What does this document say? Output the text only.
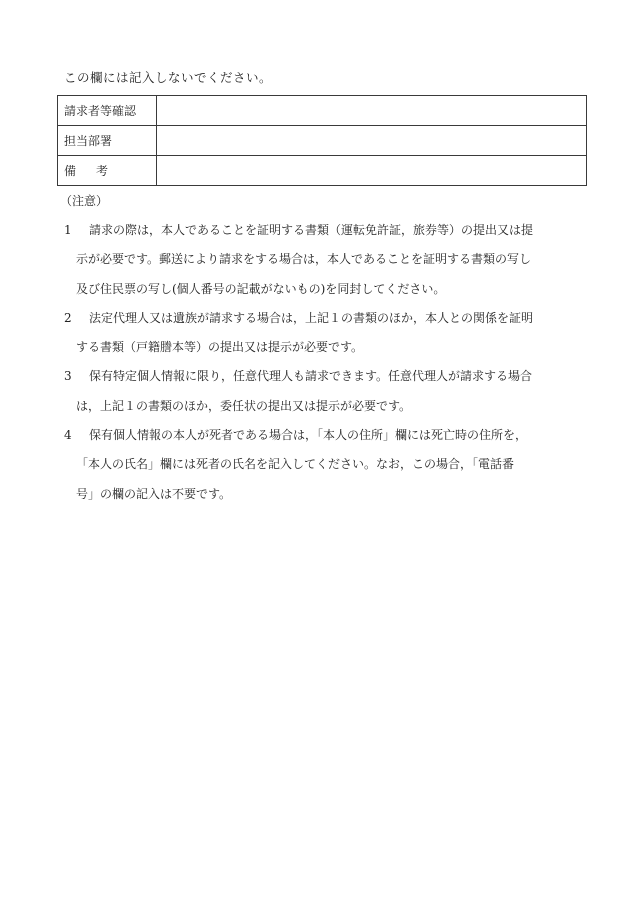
この欄には記入しないでください。
請求者等確認	
担当部署	
備考	
（注意）
1 請求の際は，本人であることを証明する書類（運転免許証，旅券等）の提出又は提
示が必要です。郵送により請求をする場合は，本人であることを証明する書類の写し
及び住民票の写し(個人番号の記載がないもの)を同封してください。
2 法定代理人又は遺族が請求する場合は，上記１の書類のほか，本人との関係を証明
する書類（戸籍謄本等）の提出又は提示が必要です。
3 保有特定個人情報に限り，任意代理人も請求できます。任意代理人が請求する場合
は，上記１の書類のほか，委任状の提出又は提示が必要です。
4 保有個人情報の本人が死者である場合は，「本人の住所」欄には死亡時の住所を，
「本人の氏名」欄には死者の氏名を記入してください。なお，この場合，「電話番
号」の欄の記入は不要です。
